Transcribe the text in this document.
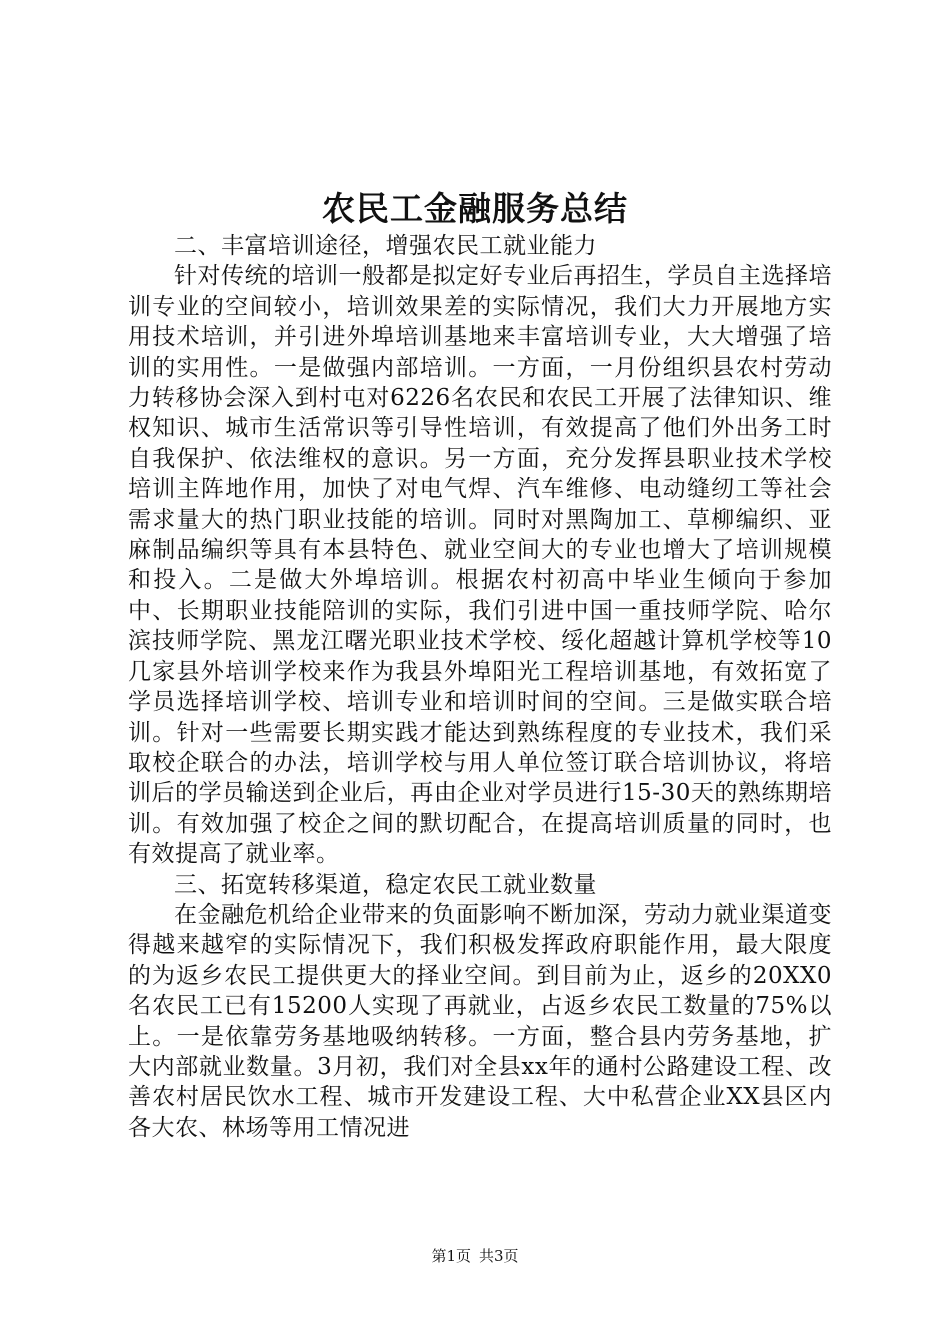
农民工金融服务总结

二、丰富培训途径，增强农民工就业能力

针对传统的培训一般都是拟定好专业后再招生，学员自主选择培训专业的空间较小，培训效果差的实际情况，我们大力开展地方实用技术培训，并引进外埠培训基地来丰富培训专业，大大增强了培训的实用性。一是做强内部培训。一方面，一月份组织县农村劳动力转移协会深入到村屯对6226名农民和农民工开展了法律知识、维权知识、城市生活常识等引导性培训，有效提高了他们外出务工时自我保护、依法维权的意识。另一方面，充分发挥县职业技术学校培训主阵地作用，加快了对电气焊、汽车维修、电动缝纫工等社会需求量大的热门职业技能的培训。同时对黑陶加工、草柳编织、亚麻制品编织等具有本县特色、就业空间大的专业也增大了培训规模和投入。二是做大外埠培训。根据农村初高中毕业生倾向于参加中、长期职业技能陪训的实际，我们引进中国一重技师学院、哈尔滨技师学院、黑龙江曙光职业技术学校、绥化超越计算机学校等10几家县外培训学校来作为我县外埠阳光工程培训基地，有效拓宽了学员选择培训学校、培训专业和培训时间的空间。三是做实联合培训。针对一些需要长期实践才能达到熟练程度的专业技术，我们采取校企联合的办法，培训学校与用人单位签订联合培训协议，将培训后的学员输送到企业后，再由企业对学员进行15-30天的熟练期培训。有效加强了校企之间的默切配合，在提高培训质量的同时，也有效提高了就业率。

三、拓宽转移渠道，稳定农民工就业数量

在金融危机给企业带来的负面影响不断加深，劳动力就业渠道变得越来越窄的实际情况下，我们积极发挥政府职能作用，最大限度的为返乡农民工提供更大的择业空间。到目前为止，返乡的20XX0名农民工已有15200人实现了再就业，占返乡农民工数量的75%以上。一是依靠劳务基地吸纳转移。一方面，整合县内劳务基地，扩大内部就业数量。3月初，我们对全县xx年的通村公路建设工程、改善农村居民饮水工程、城市开发建设工程、大中私营企业XX县区内各大农、林场等用工情况进

第1页 共3页
